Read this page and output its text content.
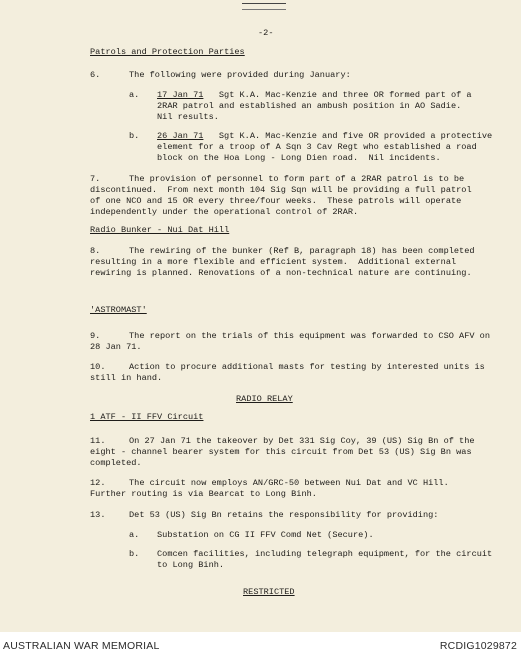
-2-
Patrols and Protection Parties
6.	The following were provided during January:
a. 17 Jan 71   Sgt K.A. Mac-Kenzie and three OR formed part of a
2RAR patrol and established an ambush position in AO Sadie.
Nil results.
b. 26 Jan 71   Sgt K.A. Mac-Kenzie and five OR provided a protective
element for a troop of A Sqn 3 Cav Regt who established a road
block on the Hoa Long - Long Dien road.  Nil incidents.
7.	The provision of personnel to form part of a 2RAR patrol is to be
discontinued.  From next month 104 Sig Sqn will be providing a full patrol
of one NCO and 15 OR every three/four weeks.  These patrols will operate
independently under the operational control of 2RAR.
Radio Bunker - Nui Dat Hill
8.	The rewiring of the bunker (Ref B, paragraph 18) has been completed
resulting in a more flexible and efficient system.  Additional external
rewiring is planned. Renovations of a non-technical nature are continuing.
'ASTROMAST'
9.	The report on the trials of this equipment was forwarded to CSO AFV on
28 Jan 71.
10.	Action to procure additional masts for testing by interested units is
still in hand.
RADIO RELAY
1 ATF - II FFV Circuit
11.	On 27 Jan 71 the takeover by Det 331 Sig Coy, 39 (US) Sig Bn of the
eight - channel bearer system for this circuit from Det 53 (US) Sig Bn was
completed.
12.	The circuit now employs AN/GRC-50 between Nui Dat and VC Hill.
Further routing is via Bearcat to Long Binh.
13.	Det 53 (US) Sig Bn retains the responsibility for providing:
a. Substation on CG II FFV Comd Net (Secure).
b. Comcen facilities, including telegraph equipment, for the circuit
to Long Binh.
RESTRICTED
AUSTRALIAN WAR MEMORIAL	RCDIG1029872
